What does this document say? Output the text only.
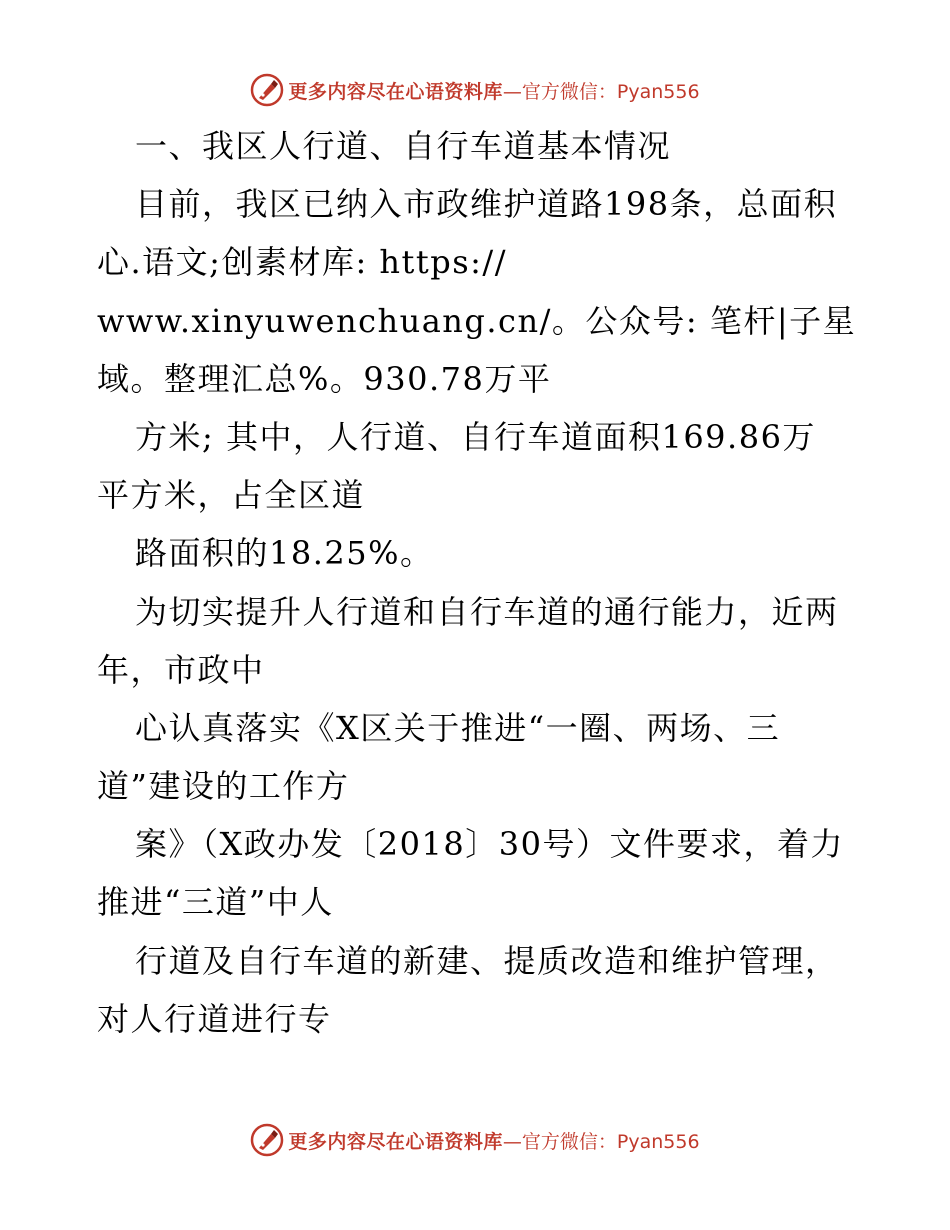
更多内容尽在心语资料库 —官方微信：Pyan556
一、我区人行道、自行车道基本情况
目前，我区已纳入市政维护道路198条，总面积
心.语文;创素材库: https://
www.xinyuwenchuang.cn/。公众号: 笔杆|子星
域。整理汇总%。930.78万平
方米; 其中，人行道、自行车道面积169.86万
平方米，占全区道
路面积的18.25%。
为切实提升人行道和自行车道的通行能力，近两
年，市政中
心认真落实《X区关于推进“一圈、两场、三
道”建设的工作方
案》（X政办发〔2018〕30号）文件要求，着力
推进“三道”中人
行道及自行车道的新建、提质改造和维护管理，
对人行道进行专
更多内容尽在心语资料库 —官方微信：Pyan556
